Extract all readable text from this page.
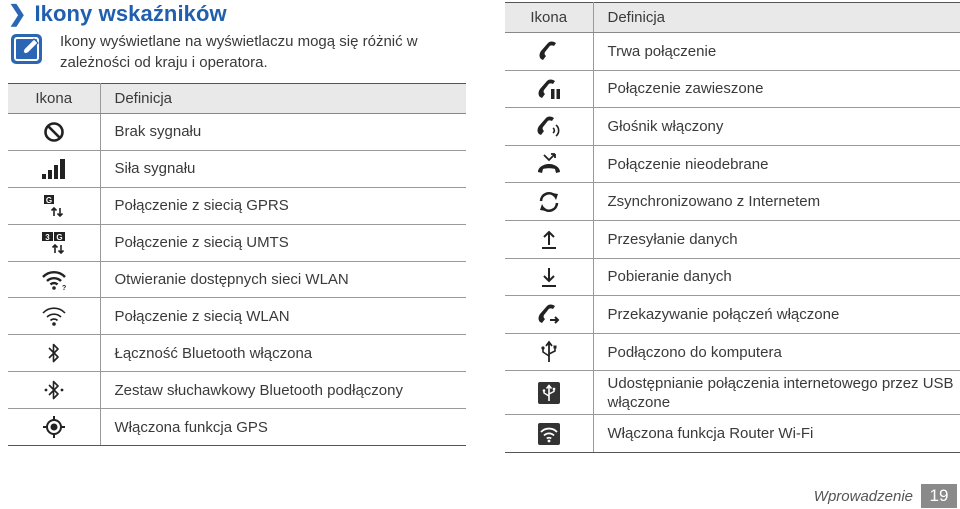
❯ Ikony wskaźników
Ikony wyświetlane na wyświetlaczu mogą się różnić w zależności od kraju i operatora.
Ikona	Definicja

	Brak sygnału

	Siła sygnału

G	Połączenie z siecią GPRS

3 G	Połączenie z siecią UMTS

?	Otwieranie dostępnych sieci WLAN

	Połączenie z siecią WLAN

	Łączność Bluetooth włączona

	Zestaw słuchawkowy Bluetooth podłączony

	Włączona funkcja GPS
Ikona	Definicja

	Trwa połączenie

	Połączenie zawieszone

	Głośnik włączony

	Połączenie nieodebrane

	Zsynchronizowano z Internetem

	Przesyłanie danych

	Pobieranie danych

	Przekazywanie połączeń włączone

	Podłączono do komputera

	Udostępnianie połączenia internetowego przez USB włączone

	Włączona funkcja Router Wi-Fi
Wprowadzenie 19
